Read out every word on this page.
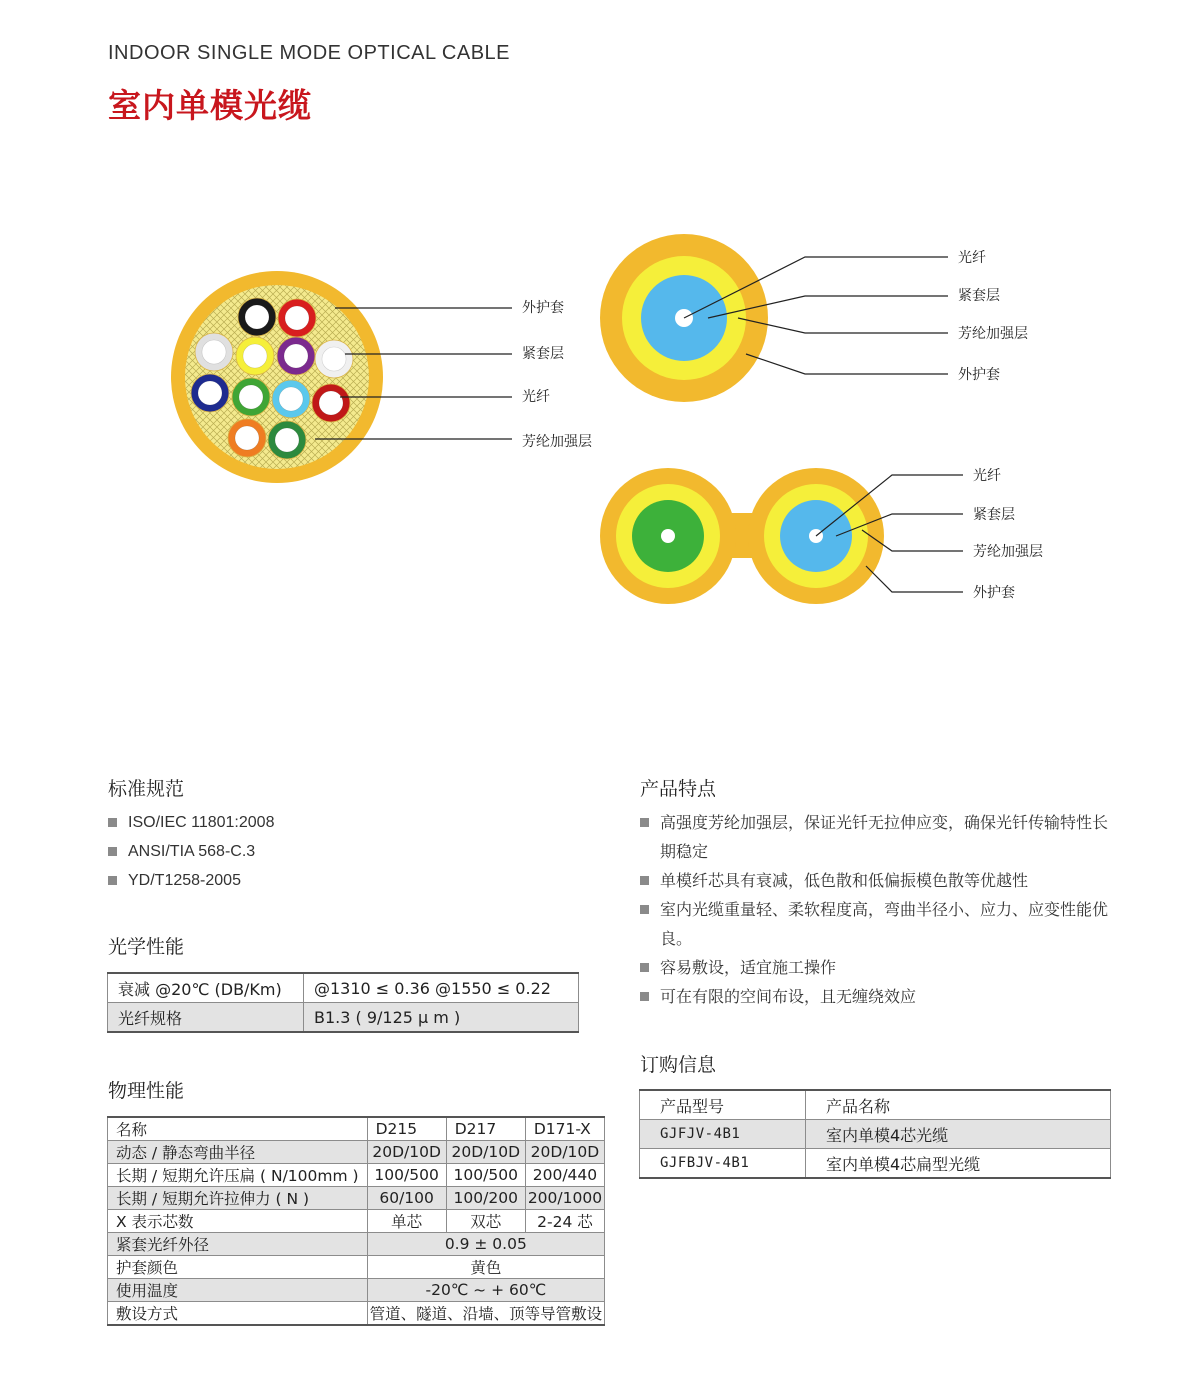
INDOOR SINGLE MODE OPTICAL CABLE
室内单模光缆
外护套
紧套层
光纤
芳纶加强层
光纤
紧套层
芳纶加强层
外护套
光纤
紧套层
芳纶加强层
外护套
标准规范
ISO/IEC 11801:2008
ANSI/TIA 568-C.3
YD/T1258-2005
光学性能
衰减 @20℃ (DB/Km)	@1310 ≤ 0.36 @1550 ≤ 0.22
光纤规格	B1.3 ( 9/125 μ m )
物理性能
名称	D215	D217	D171-X
动态 / 静态弯曲半径	20D/10D	20D/10D	20D/10D
长期 / 短期允许压扁 ( N/100mm )	100/500	100/500	200/440
长期 / 短期允许拉伸力 ( N )	60/100	100/200	200/1000
X 表示芯数	单芯	双芯	2-24 芯
紧套光纤外径	0.9 ± 0.05		
护套颜色	黄色		
使用温度	-20℃ ~ + 60℃		
敷设方式	管道、隧道、沿墙、顶等导管敷设		
产品特点
高强度芳纶加强层，保证光钎无拉伸应变，确保光钎传输特性长期稳定
单模纤芯具有衰减，低色散和低偏振模色散等优越性
室内光缆重量轻、柔软程度高，弯曲半径小、应力、应变性能优良。
容易敷设，适宜施工操作
可在有限的空间布设，且无缠绕效应
订购信息
产品型号	产品名称
GJFJV-4B1	室内单模4芯光缆
GJFBJV-4B1	室内单模4芯扁型光缆
